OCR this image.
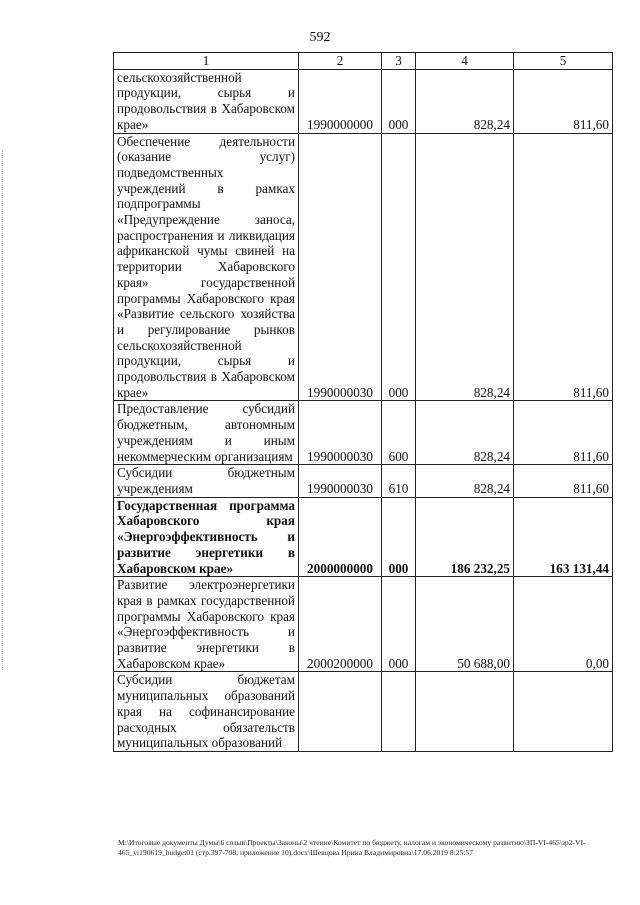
592
1	2	3	4	5
сельскохозяйственной продукции, сырья и продовольствия в Хабаровском крае»	1990000000	000	828,24	811,60
Обеспечение деятельности (оказание услуг) подведомственных учреждений в рамках подпрограммы «Предупреждение заноса, распространения и ликвидация африканской чумы свиней на территории Хабаровского края» государственной программы Хабаровского края «Развитие сельского хозяйства и регулирование рынков сельскохозяйственной продукции, сырья и продовольствия в Хабаровском крае»	1990000030	000	828,24	811,60
Предоставление субсидий бюджетным, автономным учреждениям и иным некоммерческим организациям	1990000030	600	828,24	811,60
Субсидии бюджетным учреждениям	1990000030	610	828,24	811,60
Государственная программа Хабаровского края «Энергоэффективность и развитие энергетики в Хабаровском крае»	2000000000	000	186 232,25	163 131,44
Развитие электроэнергетики края в рамках государственной программы Хабаровского края «Энергоэффективность и развитие энергетики в Хабаровском крае»	2000200000	000	50 688,00	0,00
Субсидии бюджетам муниципальных образований края на софинансирование расходных обязательств муниципальных образований				
M:\Итоговые документы Думы\6 созыв\Проекты\Законы\2 чтение\Комитет по бюджету, налогам и экономическому развитию\ЗП-VI-465\зр2-VI-465_vi190619_budget01 (стр.397-708, приложение 10).docx\Шевцова Ирина Владимировна\17.06.2019 8:25:57
